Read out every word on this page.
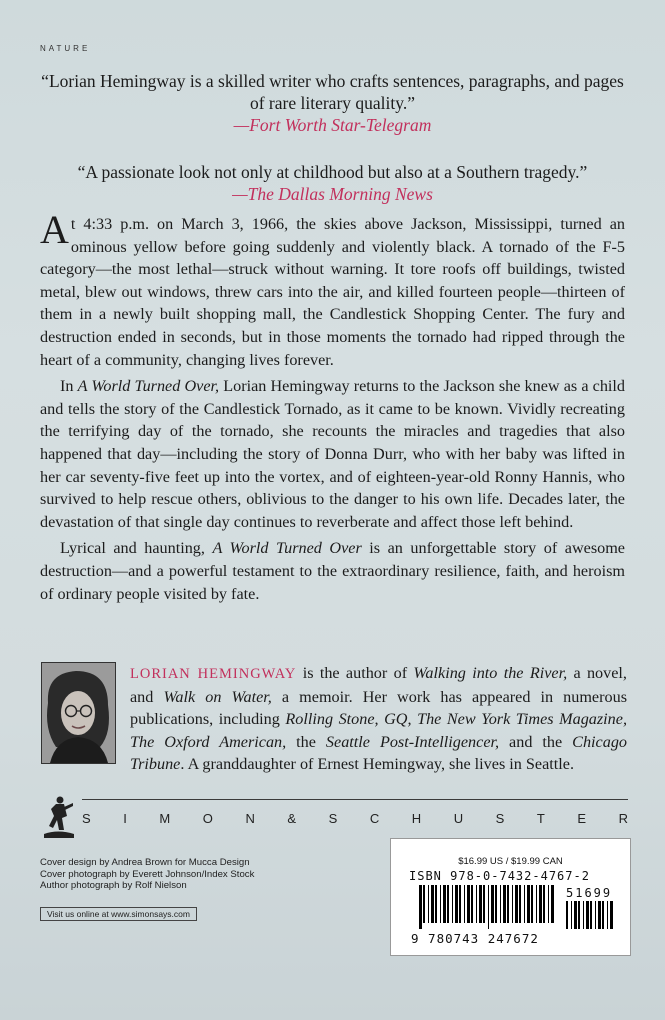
NATURE
“Lorian Hemingway is a skilled writer who crafts sentences, paragraphs, and pages of rare literary quality.”
—Fort Worth Star-Telegram
“A passionate look not only at childhood but also at a Southern tragedy.”
—The Dallas Morning News

At 4:33 p.m. on March 3, 1966, the skies above Jackson, Mississippi, turned an ominous yellow before going suddenly and violently black. A tornado of the F-5 category—the most lethal—struck without warning. It tore roofs off buildings, twisted metal, blew out windows, threw cars into the air, and killed fourteen people—thirteen of them in a newly built shopping mall, the Candlestick Shopping Center. The fury and destruction ended in seconds, but in those moments the tornado had ripped through the heart of a community, changing lives forever.

In A World Turned Over, Lorian Hemingway returns to the Jackson she knew as a child and tells the story of the Candlestick Tornado, as it came to be known. Vividly recreating the terrifying day of the tornado, she recounts the miracles and tragedies that also happened that day—including the story of Donna Durr, who with her baby was lifted in her car seventy-five feet up into the vortex, and of eighteen-year-old Ronny Hannis, who survived to help rescue others, oblivious to the danger to his own life. Decades later, the devastation of that single day continues to reverberate and affect those left behind.

Lyrical and haunting, A World Turned Over is an unforgettable story of awesome destruction—and a powerful testament to the extraordinary resilience, faith, and heroism of ordinary people visited by fate.

LORIAN HEMINGWAY is the author of Walking into the River, a novel, and Walk on Water, a memoir. Her work has appeared in numerous publications, including Rolling Stone, GQ, The New York Times Magazine, The Oxford American, the Seattle Post-Intelligencer, and the Chicago Tribune. A granddaughter of Ernest Hemingway, she lives in Seattle.
S	I	M	O	N	&	S	C	H	U	S	T	E	R
Cover design by Andrea Brown for Mucca Design
Cover photograph by Everett Johnson/Index Stock
Author photograph by Rolf Nielson
Visit us online at www.simonsays.com
$16.99 US / $19.99 CAN
ISBN 978-0-7432-4767-2
51699
9 780743 247672
